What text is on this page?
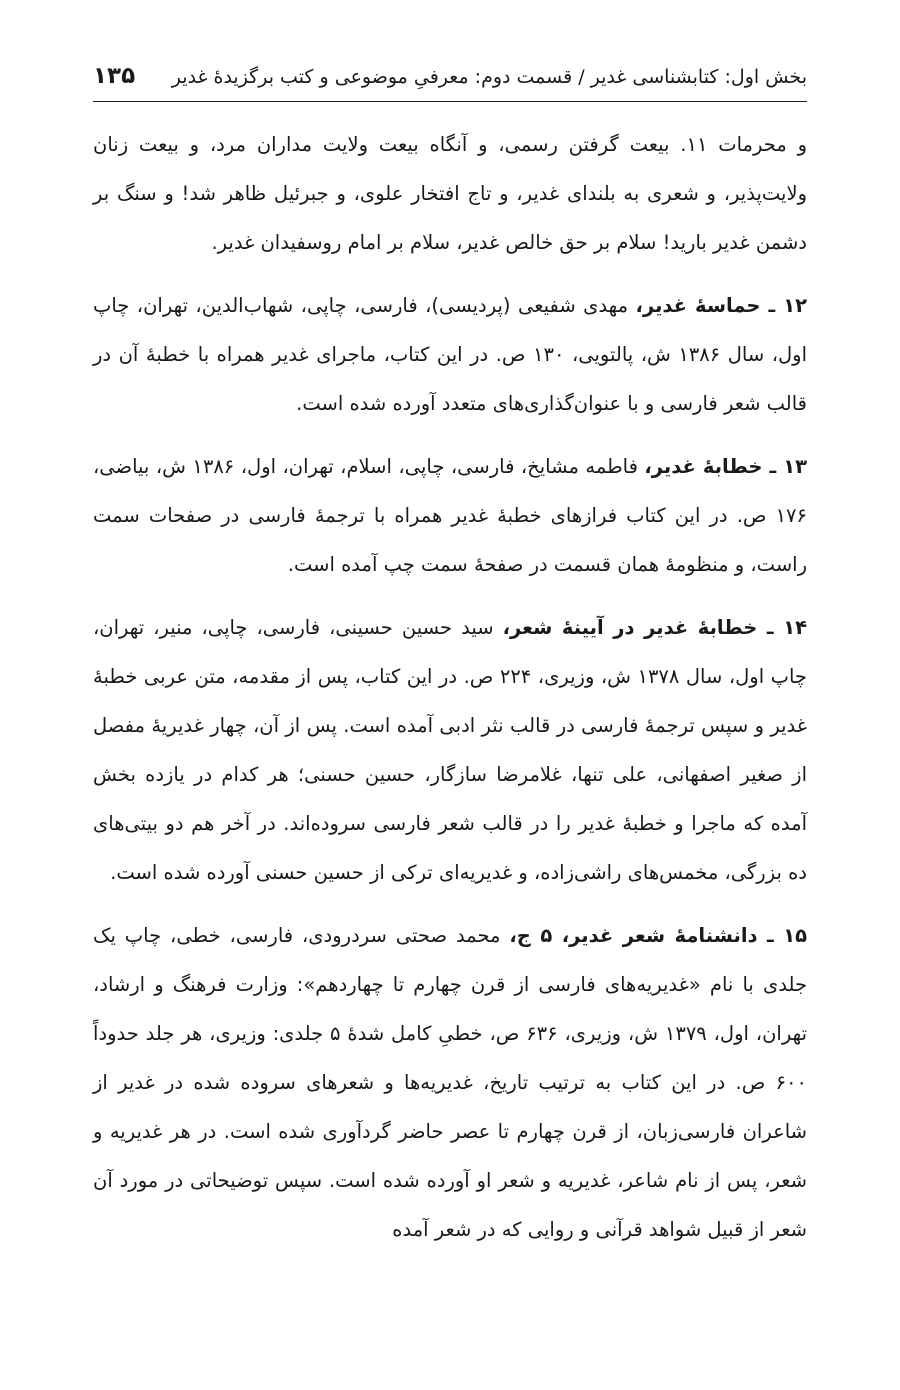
بخش اول: کتابشناسی غدیر / قسمت دوم: معرفیِ موضوعی و کتب برگزیدهٔ غدیر
۱۳۵

و محرمات ۱۱. بیعت گرفتن رسمی، و آنگاه بیعت ولایت مداران مرد، و بیعت زنان ولایت‌پذیر، و شعری به بلندای غدیر، و تاج افتخار علوی، و جبرئیل ظاهر شد! و سنگ بر دشمن غدیر بارید! سلام بر حق خالص غدیر، سلام بر امام روسفیدان غدیر.

۱۲ ـ حماسهٔ غدیر، مهدی شفیعی (پردیسی)، فارسی، چاپی، شهاب‌الدین، تهران، چاپ اول، سال ۱۳۸۶ ش، پالتویی، ۱۳۰ ص. در این کتاب، ماجرای غدیر همراه با خطبهٔ آن در قالب شعر فارسی و با عنوان‌گذاری‌های متعدد آورده شده است.

۱۳ ـ خطابهٔ غدیر، فاطمه مشایخ، فارسی، چاپی، اسلام، تهران، اول، ۱۳۸۶ ش، بیاضی، ۱۷۶ ص. در این کتاب فرازهای خطبهٔ غدیر همراه با ترجمهٔ فارسی در صفحات سمت راست، و منظومهٔ همان قسمت در صفحهٔ سمت چپ آمده است.

۱۴ ـ خطابهٔ غدیر در آیینهٔ شعر، سید حسین حسینی، فارسی، چاپی، منیر، تهران، چاپ اول، سال ۱۳۷۸ ش، وزیری، ۲۲۴ ص. در این کتاب، پس از مقدمه، متن عربی خطبهٔ غدیر و سپس ترجمهٔ فارسی در قالب نثر ادبی آمده است. پس از آن، چهار غدیریهٔ مفصل از صغیر اصفهانی، علی تنها، غلامرضا سازگار، حسین حسنی؛ هر کدام در یازده بخش آمده که ماجرا و خطبهٔ غدیر را در قالب شعر فارسی سروده‌اند. در آخر هم دو بیتی‌های ده بزرگی، مخمس‌های راشی‌زاده، و غدیریه‌ای ترکی از حسین حسنی آورده شده است.

۱۵ ـ دانشنامهٔ شعر غدیر، ۵ ج، محمد صحتی سردرودی، فارسی، خطی، چاپ یک جلدی با نام «غدیریه‌های فارسی از قرن چهارم تا چهاردهم»: وزارت فرهنگ و ارشاد، تهران، اول، ۱۳۷۹ ش، وزیری، ۶۳۶ ص، خطیِ کامل شدهٔ ۵ جلدی: وزیری، هر جلد حدوداً ۶۰۰ ص. در این کتاب به ترتیب تاریخ، غدیریه‌ها و شعرهای سروده شده در غدیر از شاعران فارسی‌زبان، از قرن چهارم تا عصر حاضر گردآوری شده است. در هر غدیریه و شعر، پس از نام شاعر، غدیریه و شعر او آورده شده است. سپس توضیحاتی در مورد آن شعر از قبیل شواهد قرآنی و روایی که در شعر آمده
